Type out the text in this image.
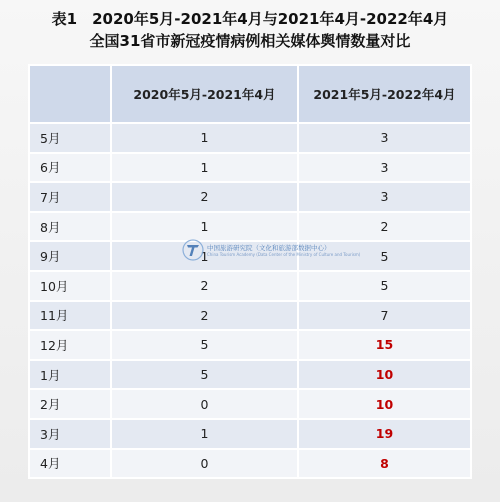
表1　2020年5月-2021年4月与2021年4月-2022年4月
全国31省市新冠疫情病例相关媒体舆情数量对比
	2020年5月-2021年4月	2021年5月-2022年4月
5月	1	3
6月	1	3
7月	2	3
8月	1	2
9月	1	5
10月	2	5
11月	2	7
12月	5	15
1月	5	10
2月	0	10
3月	1	19
4月	0	8
中国旅游研究院（文化和旅游部数据中心）
China Tourism Academy (Data Center of the Ministry of Culture and Tourism)
